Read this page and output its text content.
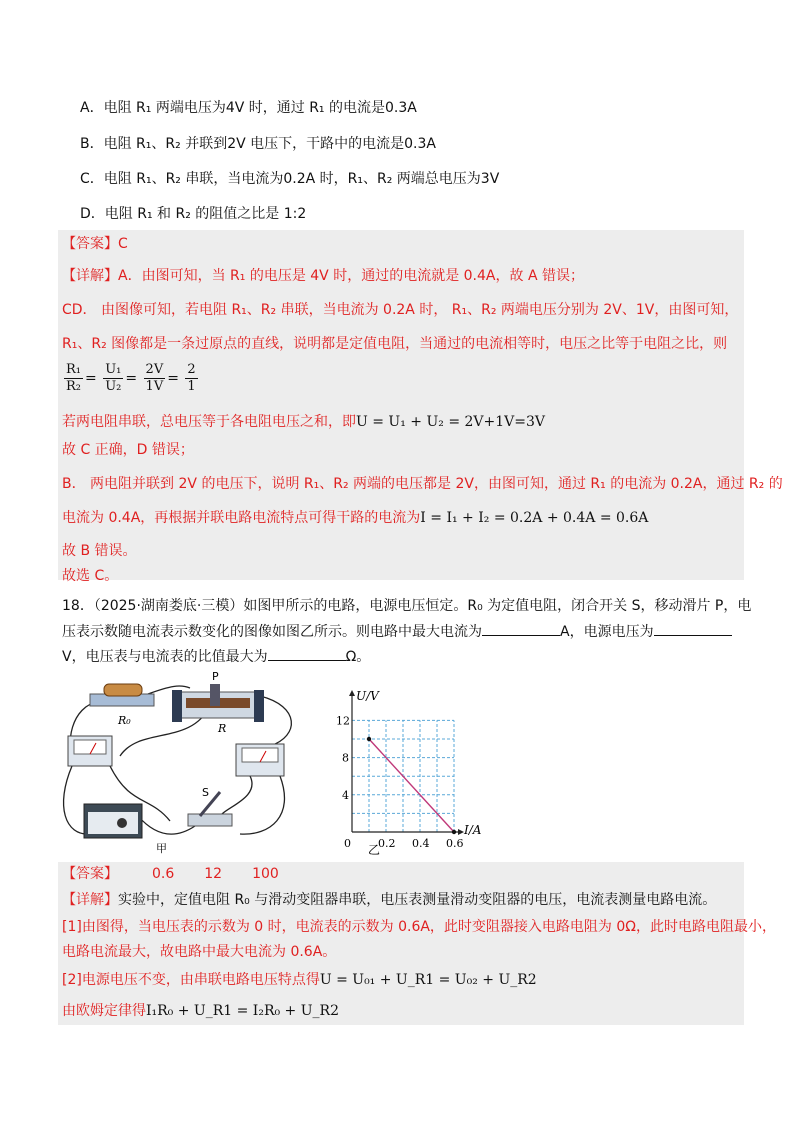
A．电阻 R₁ 两端电压为4V 时，通过 R₁ 的电流是0.3A
B．电阻 R₁、R₂ 并联到2V 电压下，干路中的电流是0.3A
C．电阻 R₁、R₂ 串联，当电流为0.2A 时，R₁、R₂ 两端总电压为3V
D．电阻 R₁ 和 R₂ 的阻值之比是 1:2
【答案】C
【详解】A．由图可知，当 R₁ 的电压是 4V 时，通过的电流就是 0.4A，故 A 错误；
CD． 由图像可知，若电阻 R₁、R₂ 串联，当电流为 0.2A 时， R₁、R₂ 两端电压分别为 2V、1V，由图可知，
R₁、R₂ 图像都是一条过原点的直线，说明都是定值电阻，当通过的电流相等时，电压之比等于电阻之比，则
$\frac{\text{R₁}}{\text{R₂}} = \frac{\text{U₁}}{\text{U₂}} = \frac{2V}{1V} = \frac{2}{1}$
若两电阻串联，总电压等于各电阻电压之和，即U = U₁ + U₂ = 2V+1V=3V
故 C 正确，D 错误；
B． 两电阻并联到 2V 的电压下，说明 R₁、R₂ 两端的电压都是 2V，由图可知，通过 R₁ 的电流为 0.2A，通过 R₂ 的
电流为 0.4A，再根据并联电路电流特点可得干路的电流为I = I₁ + I₂ = 0.2A + 0.4A = 0.6A
故 B 错误。
故选 C。
18．（2025·湖南娄底·三模）如图甲所示的电路，电源电压恒定。R₀ 为定值电阻，闭合开关 S，移动滑片 P，电
压表示数随电流表示数变化的图像如图乙所示。则电路中最大电流为	A，电源电压为
V，电压表与电流表的比值最大为	Ω。
R₀
P
R
S
甲
U/V
I/A
0 0.2 0.4 0.6
4
8
12
乙
【答案】 0.6 12 100
【详解】实验中，定值电阻 R₀ 与滑动变阻器串联，电压表测量滑动变阻器的电压，电流表测量电路电流。
[1]由图得，当电压表的示数为 0 时，电流表的示数为 0.6A，此时变阻器接入电路电阻为 0Ω，此时电路电阻最小，
电路电流最大，故电路中最大电流为 0.6A。
[2]电源电压不变，由串联电路电压特点得U = U₀₁ + U_R1 = U₀₂ + U_R2
由欧姆定律得I₁R₀ + U_R1 = I₂R₀ + U_R2
